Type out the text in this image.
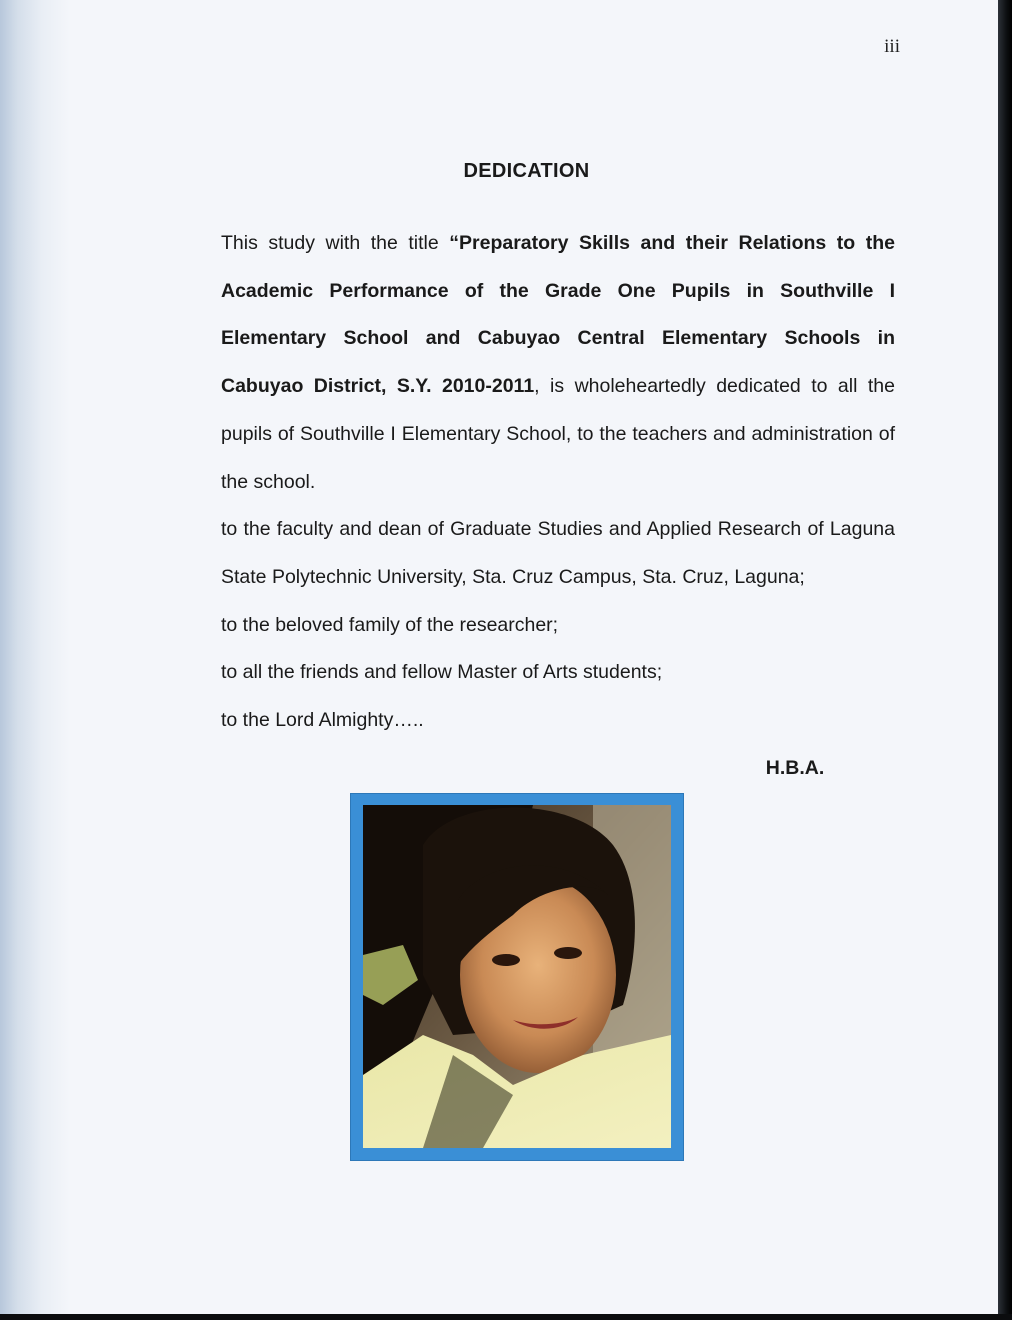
iii
DEDICATION

This study with the title “Preparatory Skills and their Relations to the Academic Performance of the Grade One Pupils in Southville I Elementary School and Cabuyao Central Elementary Schools in Cabuyao District, S.Y. 2010-2011, is wholeheartedly dedicated to all the pupils of Southville I Elementary School, to the teachers and administration of the school.

to the faculty and dean of Graduate Studies and Applied Research of Laguna State Polytechnic University, Sta. Cruz Campus, Sta. Cruz, Laguna;

to the beloved family of the researcher;

to all the friends and fellow Master of Arts students;

to the Lord Almighty…..

H.B.A.
